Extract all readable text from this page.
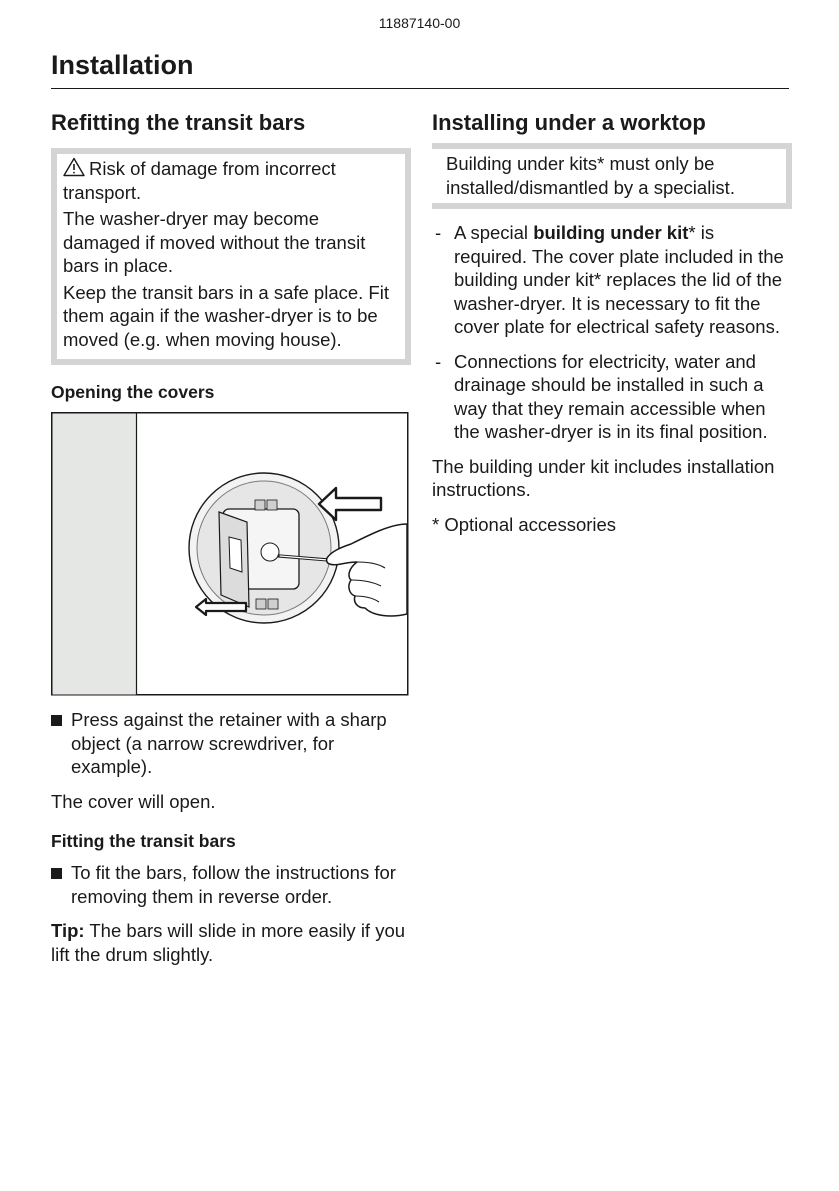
11887140-00
Installation
Refitting the transit bars

Risk of damage from incorrect transport.

The washer-dryer may become damaged if moved without the transit bars in place.

Keep the transit bars in a safe place. Fit them again if the washer-dryer is to be moved (e.g. when moving house).

Opening the covers
Press against the retainer with a sharp object (a narrow screwdriver, for example).

The cover will open.

Fitting the transit bars
To fit the bars, follow the instructions for removing them in reverse order.

Tip: The bars will slide in more easily if you lift the drum slightly.

Installing under a worktop

Building under kits* must only be installed/dismantled by a specialist.

- A special building under kit* is required. The cover plate included in the building under kit* replaces the lid of the washer-dryer. It is necessary to fit the cover plate for electrical safety reasons.
- Connections for electricity, water and drainage should be installed in such a way that they remain accessible when the washer-dryer is in its final position.

The building under kit includes installation instructions.

* Optional accessories
